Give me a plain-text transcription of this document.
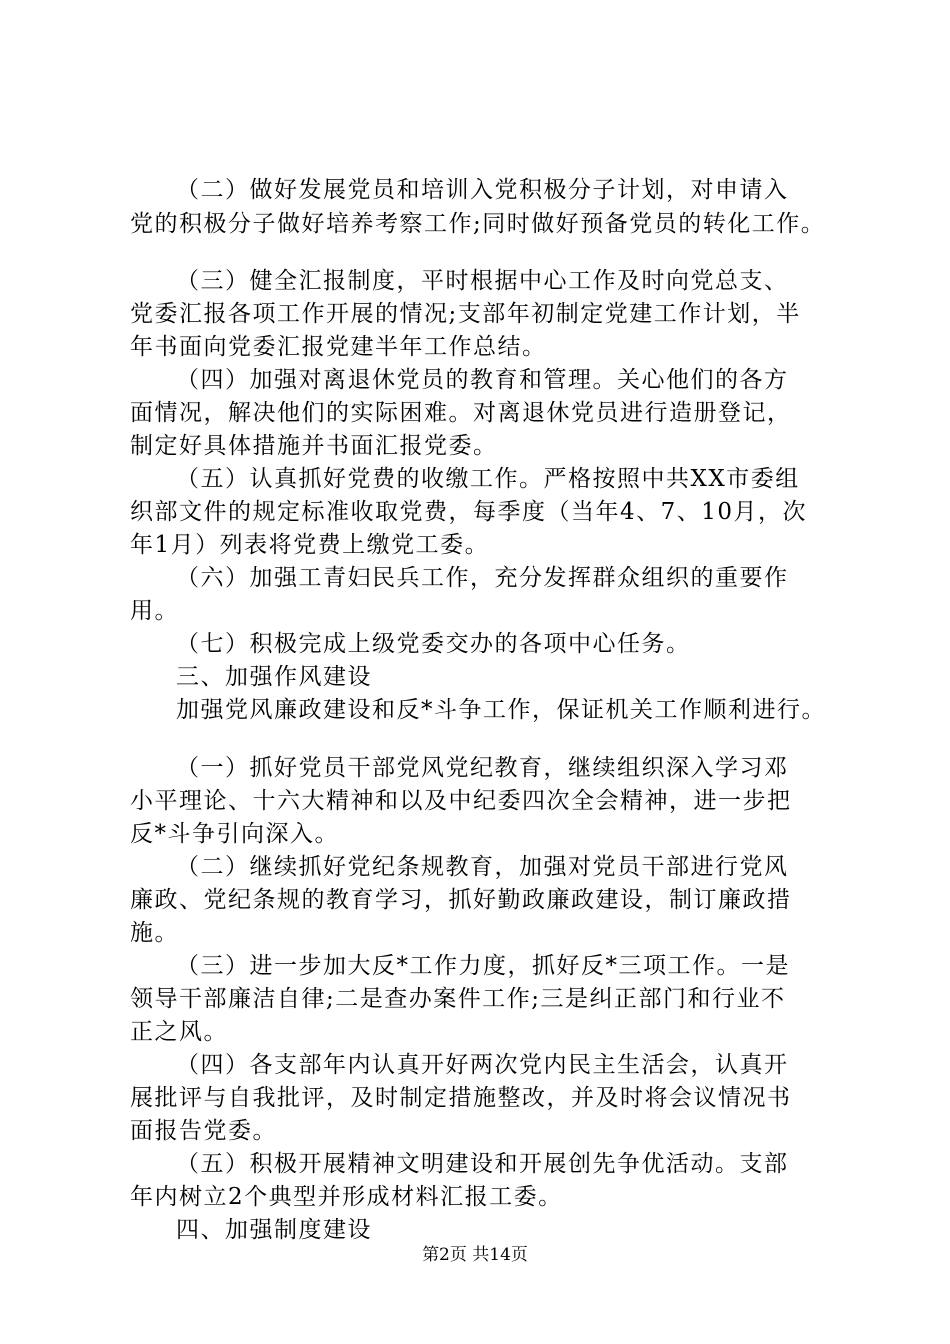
（二）做好发展党员和培训入党积极分子计划，对申请入
党的积极分子做好培养考察工作;同时做好预备党员的转化工作。
（三）健全汇报制度，平时根据中心工作及时向党总支、
党委汇报各项工作开展的情况;支部年初制定党建工作计划，半
年书面向党委汇报党建半年工作总结。
（四）加强对离退休党员的教育和管理。关心他们的各方
面情况，解决他们的实际困难。对离退休党员进行造册登记，
制定好具体措施并书面汇报党委。
（五）认真抓好党费的收缴工作。严格按照中共XX市委组
织部文件的规定标准收取党费，每季度（当年4、7、10月，次
年1月）列表将党费上缴党工委。
（六）加强工青妇民兵工作，充分发挥群众组织的重要作
用。
（七）积极完成上级党委交办的各项中心任务。
三、加强作风建设
加强党风廉政建设和反*斗争工作，保证机关工作顺利进行。
（一）抓好党员干部党风党纪教育，继续组织深入学习邓
小平理论、十六大精神和以及中纪委四次全会精神，进一步把
反*斗争引向深入。
（二）继续抓好党纪条规教育，加强对党员干部进行党风
廉政、党纪条规的教育学习，抓好勤政廉政建设，制订廉政措
施。
（三）进一步加大反*工作力度，抓好反*三项工作。一是
领导干部廉洁自律;二是查办案件工作;三是纠正部门和行业不
正之风。
（四）各支部年内认真开好两次党内民主生活会，认真开
展批评与自我批评，及时制定措施整改，并及时将会议情况书
面报告党委。
（五）积极开展精神文明建设和开展创先争优活动。支部
年内树立2个典型并形成材料汇报工委。
四、加强制度建设
第2页 共14页
